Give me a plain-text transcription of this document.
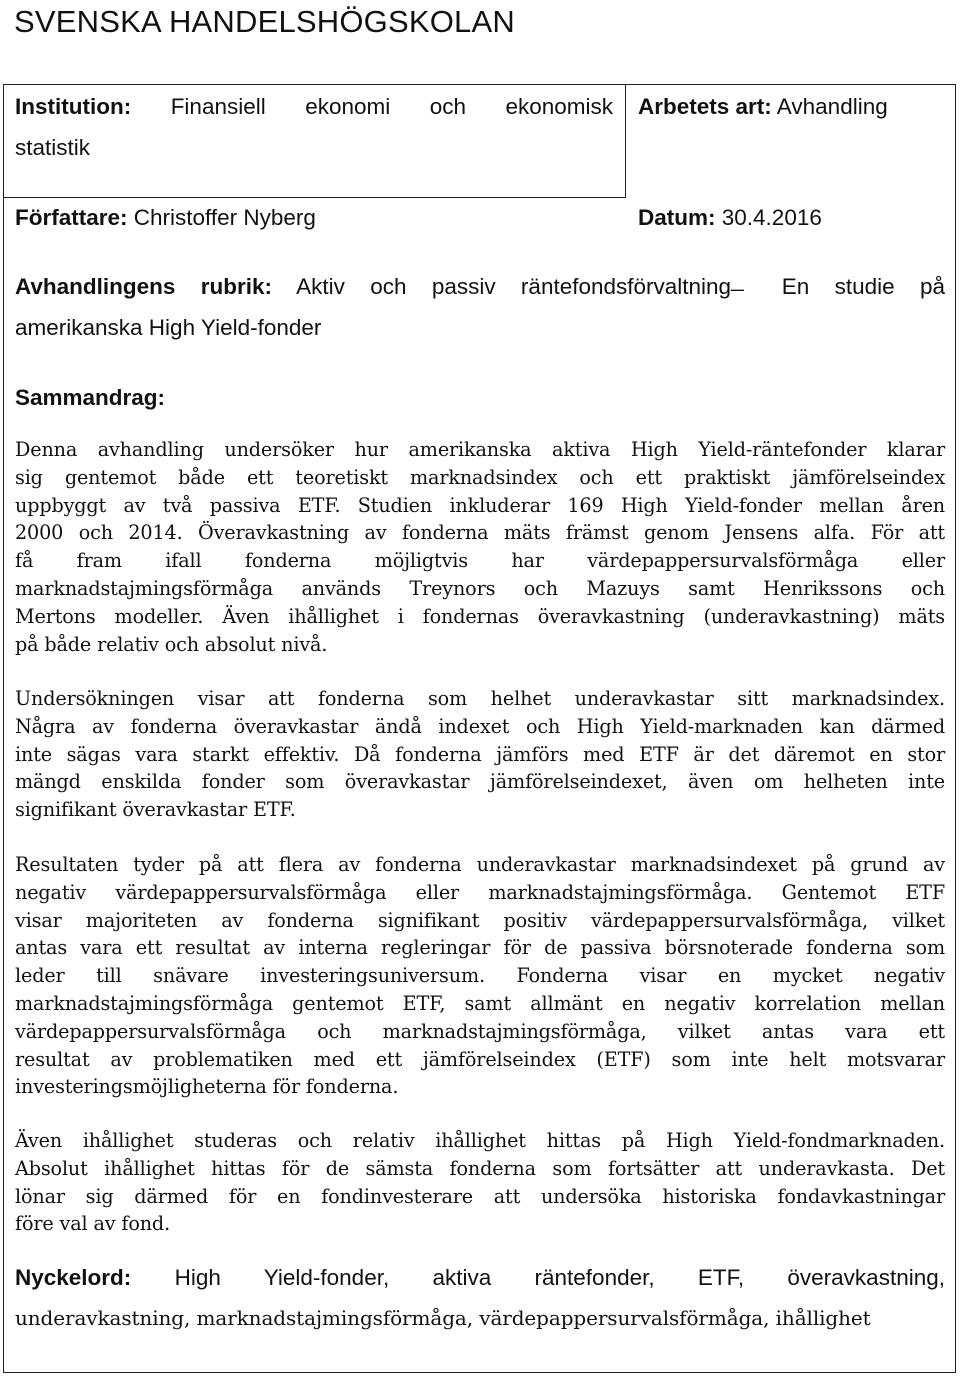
SVENSKA HANDELSHÖGSKOLAN
Institution: Finansiell ekonomi och ekonomisk
statistik
Arbetets art: Avhandling
Författare: Christoffer Nyberg	Datum: 30.4.2016
Avhandlingens rubrik: Aktiv och passiv räntefondsförvaltning ̶ En studie på
amerikanska High Yield-fonder
Sammandrag:
Denna avhandling undersöker hur amerikanska aktiva High Yield-räntefonder klarar
sig gentemot både ett teoretiskt marknadsindex och ett praktiskt jämförelseindex
uppbyggt av två passiva ETF. Studien inkluderar 169 High Yield-fonder mellan åren
2000 och 2014. Överavkastning av fonderna mäts främst genom Jensens alfa. För att
få fram ifall fonderna möjligtvis har värdepappersurvalsförmåga eller
marknadstajmingsförmåga används Treynors och Mazuys samt Henrikssons och
Mertons modeller. Även ihållighet i fondernas överavkastning (underavkastning) mäts
på både relativ och absolut nivå.
Undersökningen visar att fonderna som helhet underavkastar sitt marknadsindex.
Några av fonderna överavkastar ändå indexet och High Yield-marknaden kan därmed
inte sägas vara starkt effektiv. Då fonderna jämförs med ETF är det däremot en stor
mängd enskilda fonder som överavkastar jämförelseindexet, även om helheten inte
signifikant överavkastar ETF.
Resultaten tyder på att flera av fonderna underavkastar marknadsindexet på grund av
negativ värdepappersurvalsförmåga eller marknadstajmingsförmåga. Gentemot ETF
visar majoriteten av fonderna signifikant positiv värdepappersurvalsförmåga, vilket
antas vara ett resultat av interna regleringar för de passiva börsnoterade fonderna som
leder till snävare investeringsuniversum. Fonderna visar en mycket negativ
marknadstajmingsförmåga gentemot ETF, samt allmänt en negativ korrelation mellan
värdepappersurvalsförmåga och marknadstajmingsförmåga, vilket antas vara ett
resultat av problematiken med ett jämförelseindex (ETF) som inte helt motsvarar
investeringsmöjligheterna för fonderna.
Även ihållighet studeras och relativ ihållighet hittas på High Yield-fondmarknaden.
Absolut ihållighet hittas för de sämsta fonderna som fortsätter att underavkasta. Det
lönar sig därmed för en fondinvesterare att undersöka historiska fondavkastningar
före val av fond.
Nyckelord: High Yield-fonder, aktiva räntefonder, ETF, överavkastning,
underavkastning, marknadstajmingsförmåga, värdepappersurvalsförmåga, ihållighet
